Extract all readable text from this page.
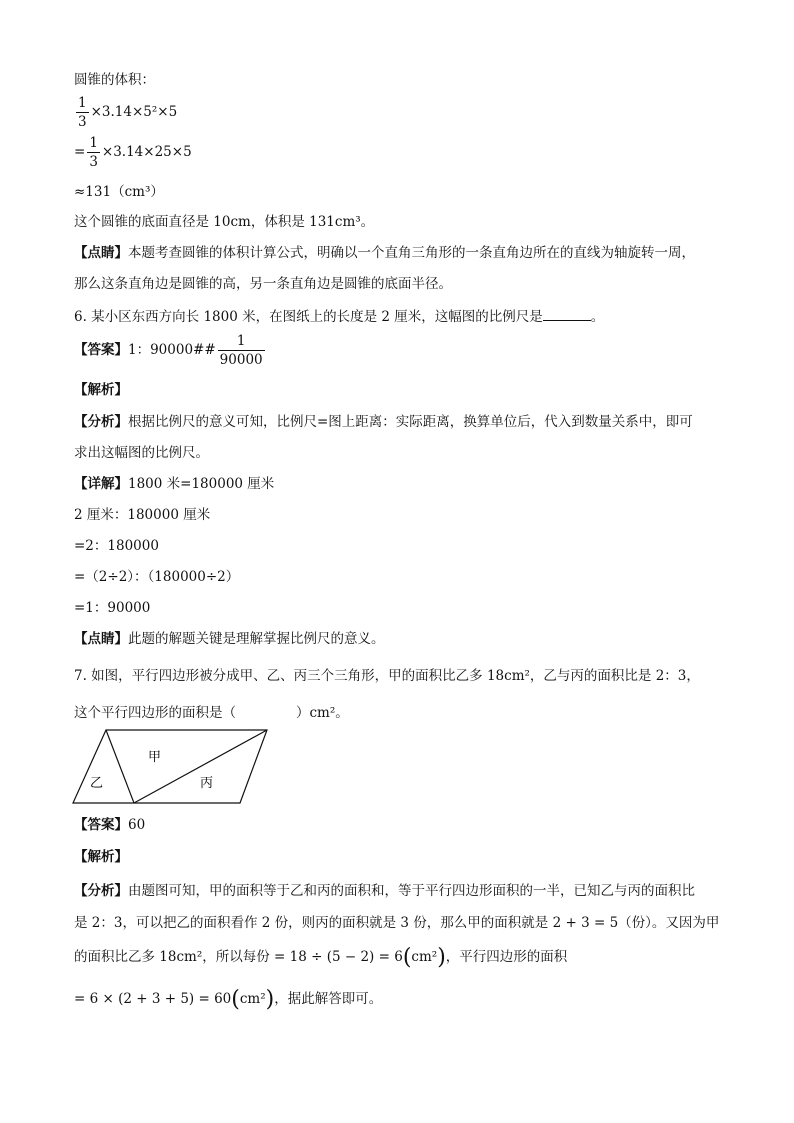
圆锥的体积：
$\frac{1}{3} \times 3.14\times 5^2\times 5$
= $\frac{1}{3} \times 3.14\times 25\times 5$
≈131（cm³）
这个圆锥的底面直径是 10cm，体积是 131cm³。
【点睛】本题考查圆锥的体积计算公式，明确以一个直角三角形的一条直角边所在的直线为轴旋转一周，
那么这条直角边是圆锥的高，另一条直角边是圆锥的底面半径。
6. 某小区东西方向长 1800 米，在图纸上的长度是 2 厘米，这幅图的比例尺是	。
【答案】1：90000## $\frac{1}{90000}$
【解析】
【分析】根据比例尺的意义可知，比例尺=图上距离：实际距离，换算单位后，代入到数量关系中，即可
求出这幅图的比例尺。
【详解】1800 米=180000 厘米
2 厘米：180000 厘米
=2：180000
=（2÷2）：（180000÷2）
=1：90000
【点睛】此题的解题关键是理解掌握比例尺的意义。
7. 如图，平行四边形被分成甲、乙、丙三个三角形，甲的面积比乙多 18cm²，乙与丙的面积比是 2：3，
这个平行四边形的面积是（	）cm²。
甲
乙	丙
【答案】60
【解析】
【分析】由题图可知，甲的面积等于乙和丙的面积和，等于平行四边形面积的一半，已知乙与丙的面积比
是 2：3，可以把乙的面积看作 2 份，则丙的面积就是 3 份，那么甲的面积就是 2 + 3 = 5（份）。又因为甲
的面积比乙多 18cm²，所以每份 = 18 ÷ (5 − 2) = 6(cm²)，平行四边形的面积
= 6 × (2 + 3 + 5) = 60(cm²)，据此解答即可。
